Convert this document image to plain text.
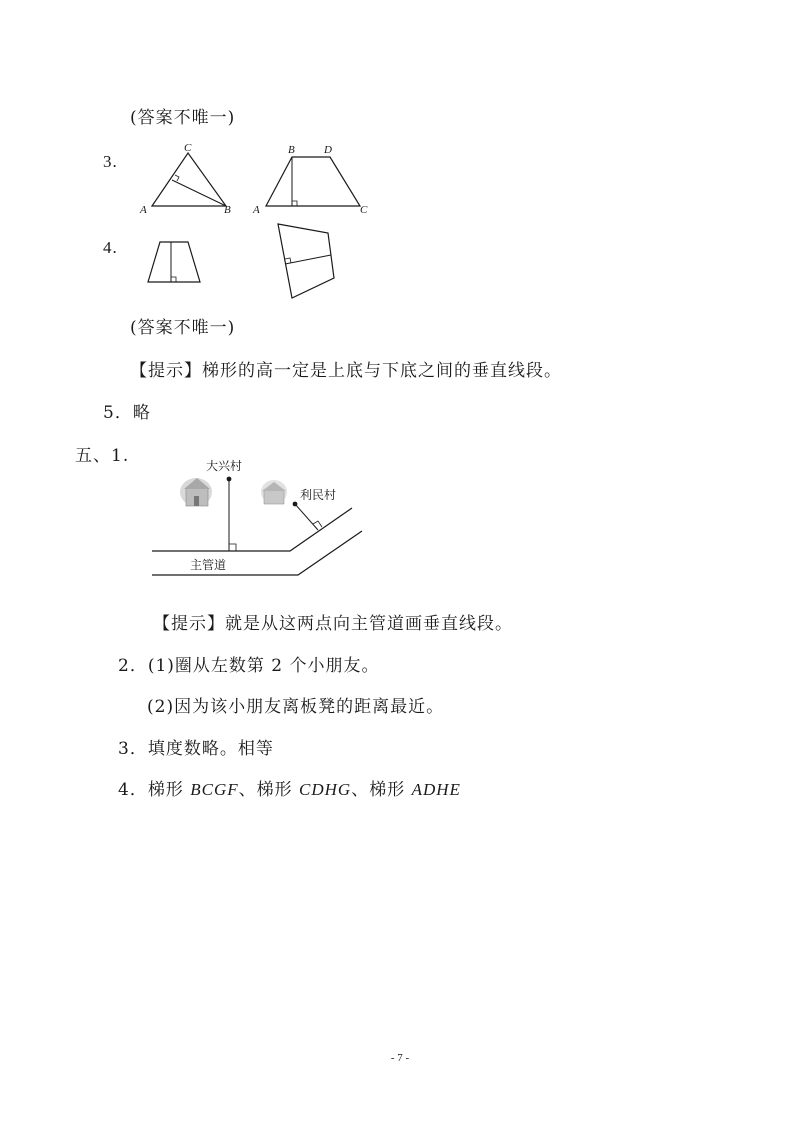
(答案不唯一)
3.
A
C
B A
B	D
C
4.
(答案不唯一)
【提示】梯形的高一定是上底与下底之间的垂直线段。
5．略
五、1.	大兴村
利民村
主管道
【提示】就是从这两点向主管道画垂直线段。
2．(1)圈从左数第 2 个小朋友。
(2)因为该小朋友离板凳的距离最近。
3．填度数略。相等
4．梯形 BCGF、梯形 CDHG、梯形 ADHE
- 7 -
